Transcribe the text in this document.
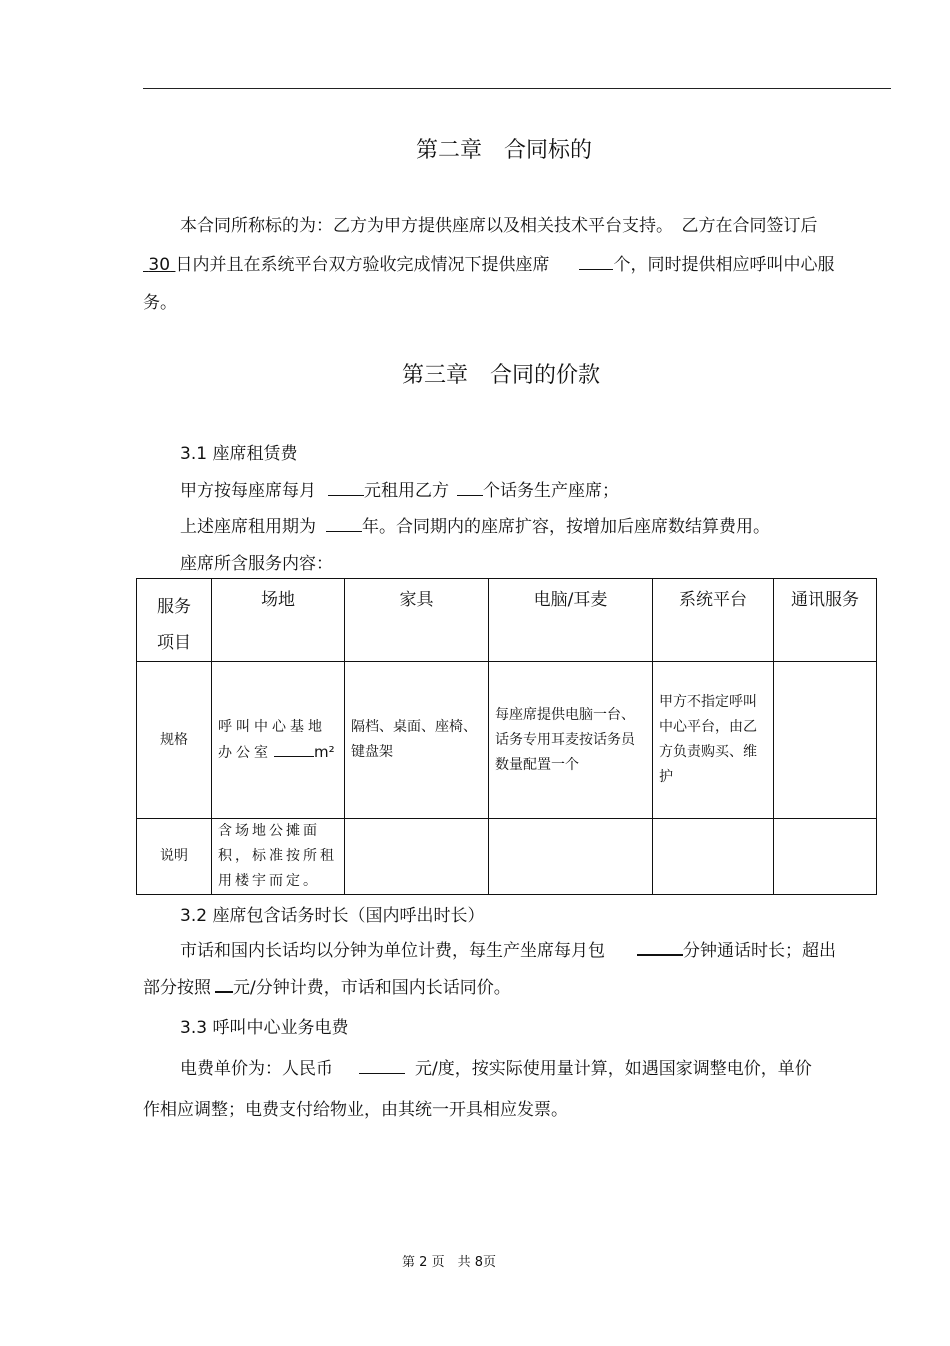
第二章　合同标的
本合同所称标的为：乙方为甲方提供座席以及相关技术平台支持。　乙方在合同签订后
30 日内并且在系统平台双方验收完成情况下提供座席	个，同时提供相应呼叫中心服
务。
第三章　合同的价款
3.1 座席租赁费
甲方按每座席每月	元租用乙方 个话务生产座席；
上述座席租用期为	年。合同期内的座席扩容，按增加后座席数结算费用。
座席所含服务内容：
服务
项目	场地	家具	电脑/耳麦	系统平台	通讯服务
规格	呼叫中心基地办公室 m²	隔档、桌面、座椅、键盘架	每座席提供电脑一台、话务专用耳麦按话务员数量配置一个	甲方不指定呼叫中心平台，由乙方负责购买、维护	
说明	含场地公摊面积，标准按所租用楼宇而定。				
3.2 座席包含话务时长（国内呼出时长）
市话和国内长话均以分钟为单位计费，每生产坐席每月包	分钟通话时长；超出
部分按照 元/分钟计费，市话和国内长话同价。
3.3 呼叫中心业务电费
电费单价为：人民币	元/度，按实际使用量计算，如遇国家调整电价，单价
作相应调整；电费支付给物业，由其统一开具相应发票。
第 2 页　共 8页
